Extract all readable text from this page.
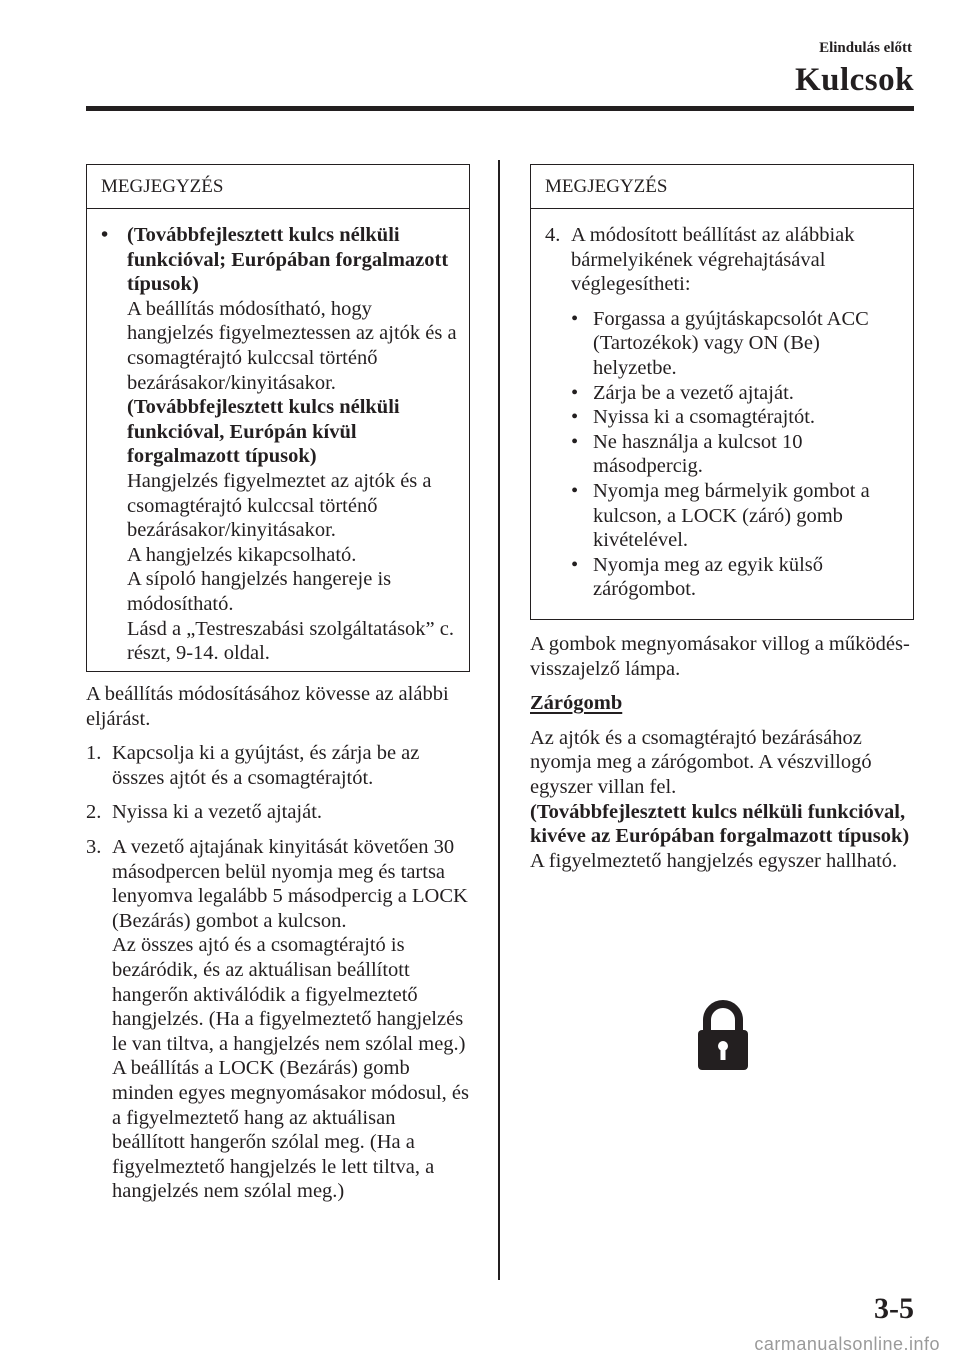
Elindulás előtt
Kulcsok
MEGJEGYZÉS
• (Továbbfejlesztett kulcs nélküli funkcióval; Európában forgalmazott típusok)
A beállítás módosítható, hogy hangjelzés figyelmeztessen az ajtók és a csomagtérajtó kulccsal történő bezárásakor/kinyitásakor.
(Továbbfejlesztett kulcs nélküli funkcióval, Európán kívül forgalmazott típusok)
Hangjelzés figyelmeztet az ajtók és a csomagtérajtó kulccsal történő bezárásakor/kinyitásakor.
A hangjelzés kikapcsolható.
A sípoló hangjelzés hangereje is módosítható.
Lásd a „Testreszabási szolgáltatások” c. részt, 9-14. oldal.

A beállítás módosításához kövesse az alábbi eljárást.

1. Kapcsolja ki a gyújtást, és zárja be az összes ajtót és a csomagtérajtót.
2. Nyissa ki a vezető ajtaját.
3. A vezető ajtajának kinyitását követően 30 másodpercen belül nyomja meg és tartsa lenyomva legalább 5 másodpercig a LOCK (Bezárás) gombot a kulcson.
Az összes ajtó és a csomagtérajtó is bezáródik, és az aktuálisan beállított hangerőn aktiválódik a figyelmeztető hangjelzés. (Ha a figyelmeztető hangjelzés le van tiltva, a hangjelzés nem szólal meg.) A beállítás a LOCK (Bezárás) gomb minden egyes megnyomásakor módosul, és a figyelmeztető hang az aktuálisan beállított hangerőn szólal meg. (Ha a figyelmeztető hangjelzés le lett tiltva, a hangjelzés nem szólal meg.)
MEGJEGYZÉS
4. A módosított beállítást az alábbiak bármelyikének végrehajtásával véglegesítheti:
• Forgassa a gyújtáskapcsolót ACC (Tartozékok) vagy ON (Be) helyzetbe.
• Zárja be a vezető ajtaját.
• Nyissa ki a csomagtérajtót.
• Ne használja a kulcsot 10 másodpercig.
• Nyomja meg bármelyik gombot a kulcson, a LOCK (záró) gomb kivételével.
• Nyomja meg az egyik külső zárógombot.

A gombok megnyomásakor villog a működés-visszajelző lámpa.

Zárógomb
Az ajtók és a csomagtérajtó bezárásához nyomja meg a zárógombot. A vészvillogó egyszer villan fel.
(Továbbfejlesztett kulcs nélküli funkcióval, kivéve az Európában forgalmazott típusok)
A figyelmeztető hangjelzés egyszer hallható.
3-5
carmanualsonline.info
